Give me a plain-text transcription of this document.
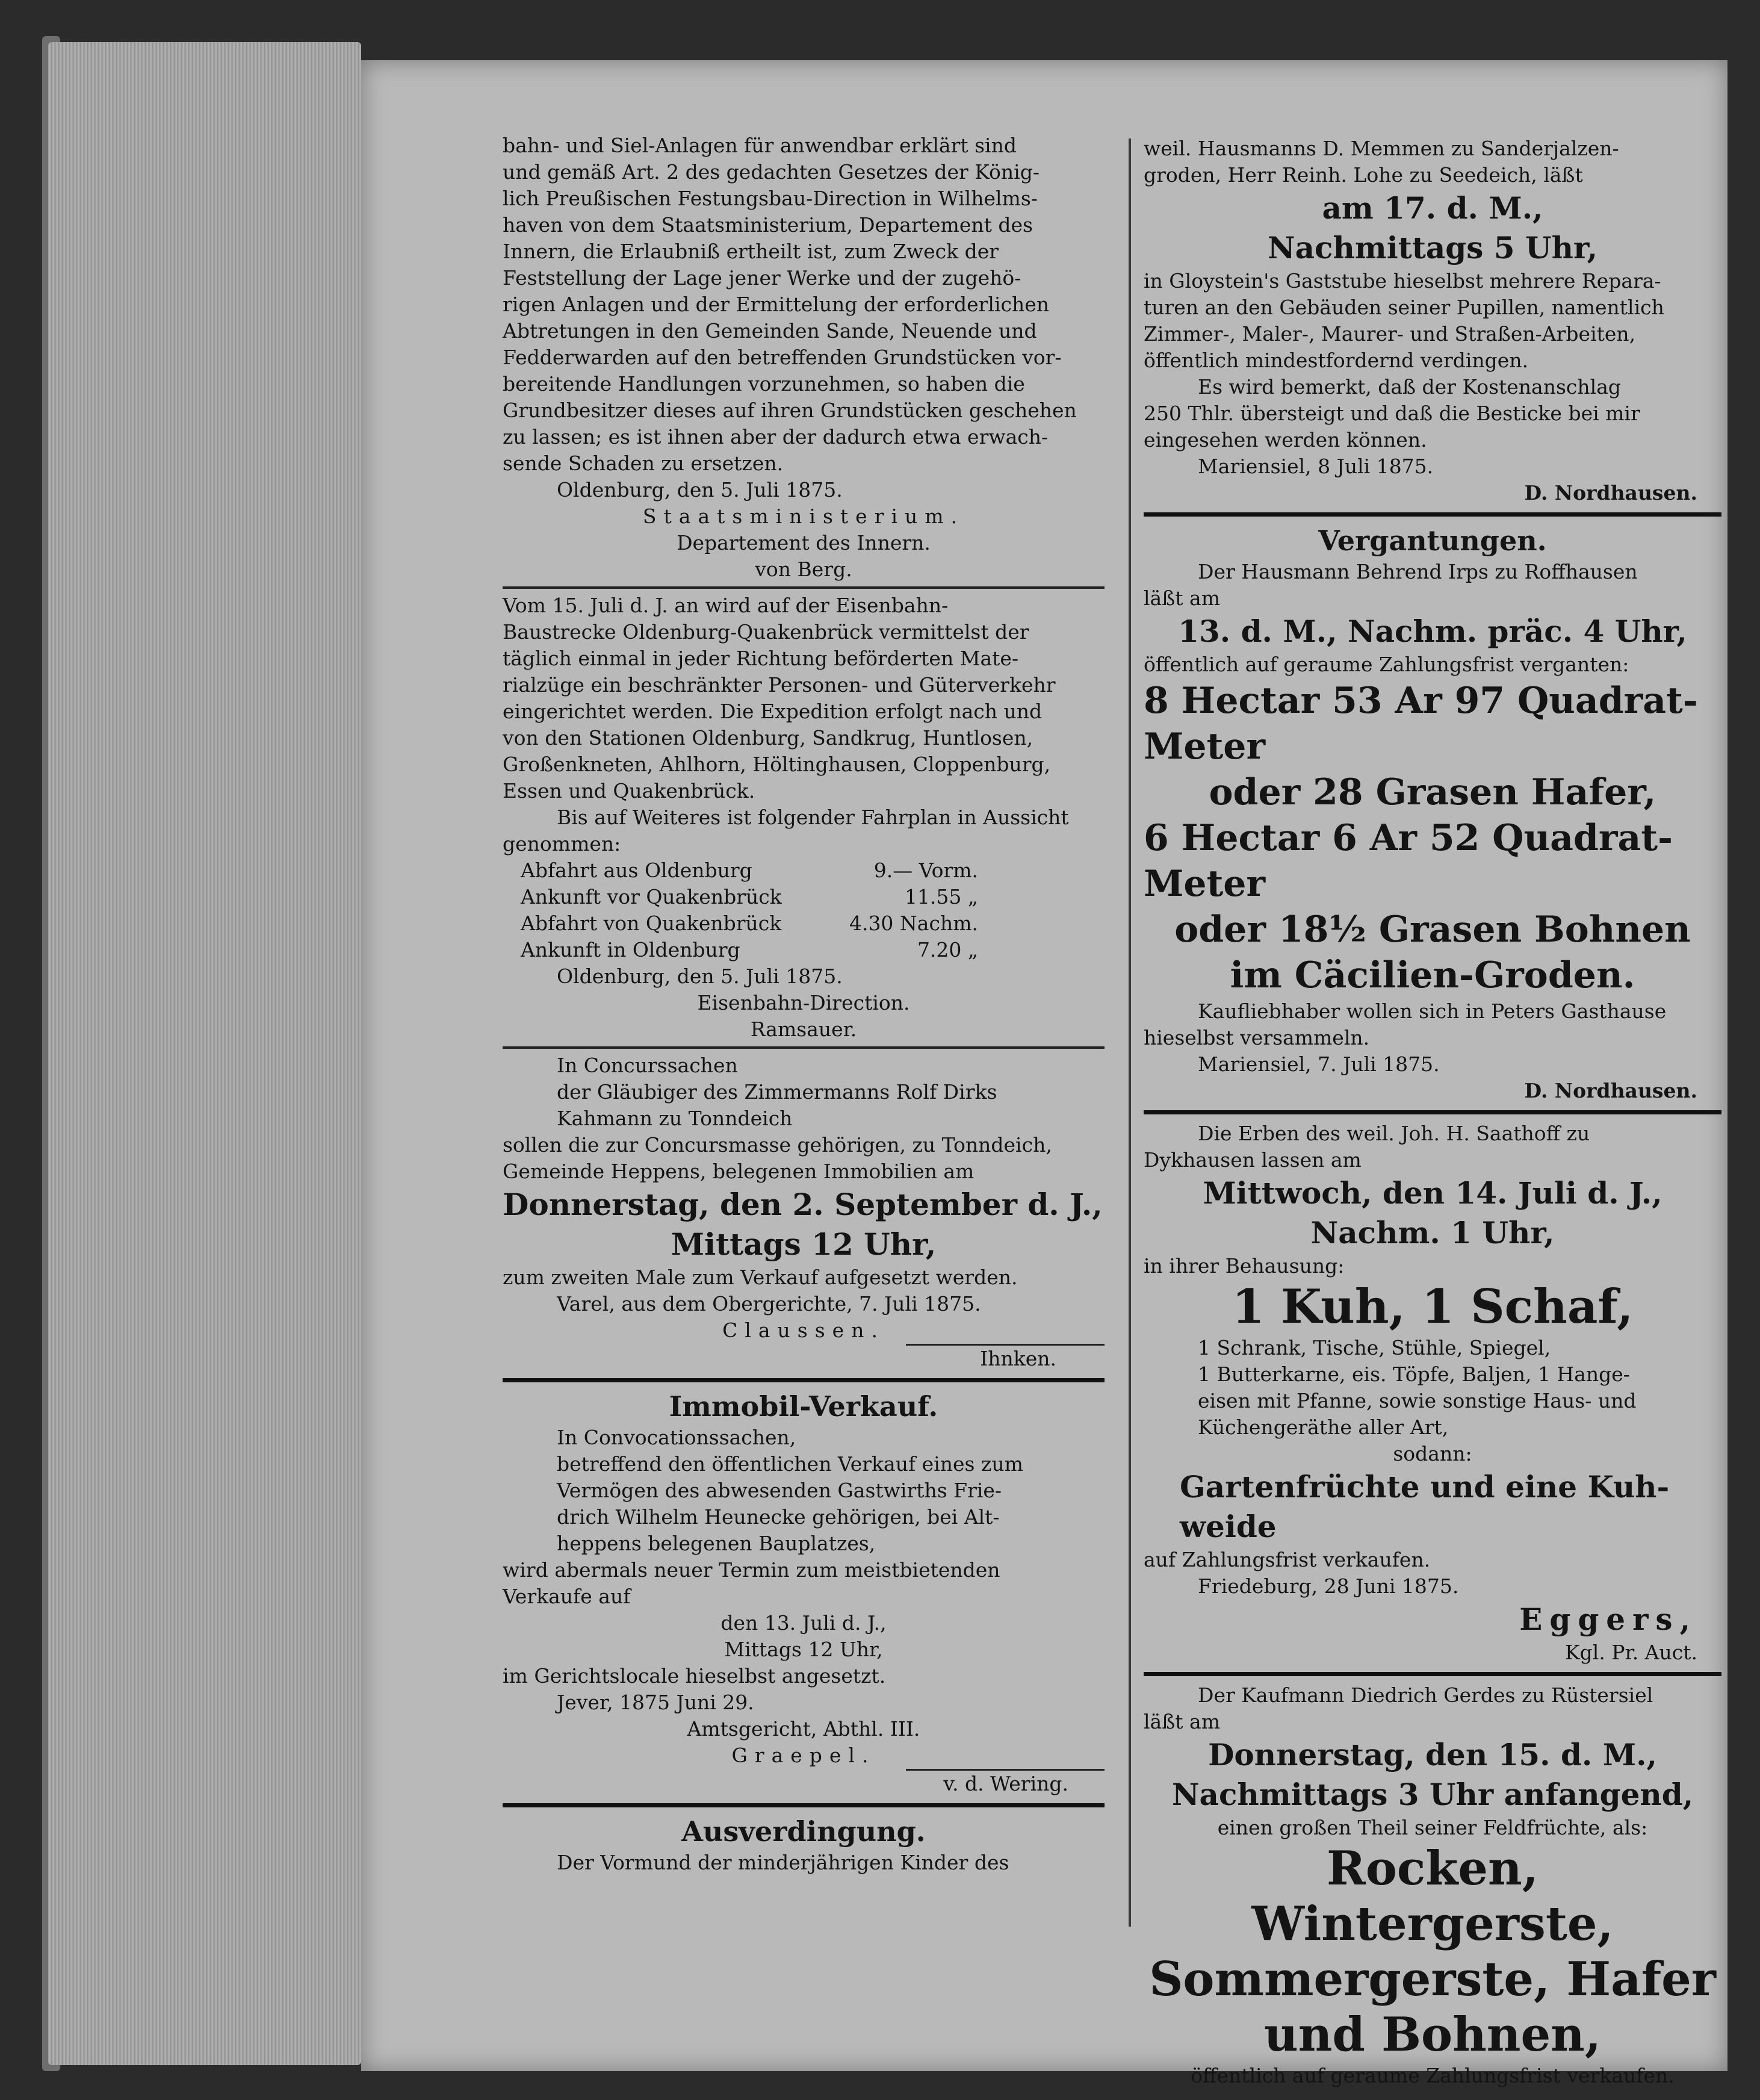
bahn- und Siel-Anlagen für anwendbar erklärt sind

und gemäß Art. 2 des gedachten Gesetzes der König-

lich Preußischen Festungsbau-Direction in Wilhelms-

haven von dem Staatsministerium, Departement des

Innern, die Erlaubniß ertheilt ist, zum Zweck der

Feststellung der Lage jener Werke und der zugehö-

rigen Anlagen und der Ermittelung der erforderlichen

Abtretungen in den Gemeinden Sande, Neuende und

Fedderwarden auf den betreffenden Grundstücken vor-

bereitende Handlungen vorzunehmen, so haben die

Grundbesitzer dieses auf ihren Grundstücken geschehen

zu lassen; es ist ihnen aber der dadurch etwa erwach-

sende Schaden zu ersetzen.

Oldenburg, den 5. Juli 1875.

Staatsministerium.

Departement des Innern.

von Berg.

Vom 15. Juli d. J. an wird auf der Eisenbahn-

Baustrecke Oldenburg-Quakenbrück vermittelst der

täglich einmal in jeder Richtung beförderten Mate-

rialzüge ein beschränkter Personen- und Güterverkehr

eingerichtet werden. Die Expedition erfolgt nach und

von den Stationen Oldenburg, Sandkrug, Huntlosen,

Großenkneten, Ahlhorn, Höltinghausen, Cloppenburg,

Essen und Quakenbrück.

Bis auf Weiteres ist folgender Fahrplan in Aussicht

genommen:

Abfahrt aus Oldenburg	9.— Vorm.
Ankunft vor Quakenbrück	11.55 „
Abfahrt von Quakenbrück	4.30 Nachm.
Ankunft in Oldenburg	7.20 „

Oldenburg, den 5. Juli 1875.

Eisenbahn-Direction.

Ramsauer.

In Concurssachen

der Gläubiger des Zimmermanns Rolf Dirks

Kahmann zu Tonndeich

sollen die zur Concursmasse gehörigen, zu Tonndeich,

Gemeinde Heppens, belegenen Immobilien am

Donnerstag, den 2. September d. J.,

Mittags 12 Uhr,

zum zweiten Male zum Verkauf aufgesetzt werden.

Varel, aus dem Obergerichte, 7. Juli 1875.

Claussen.

Ihnken.

Immobil-Verkauf.

In Convocationssachen,

betreffend den öffentlichen Verkauf eines zum

Vermögen des abwesenden Gastwirths Frie-

drich Wilhelm Heunecke gehörigen, bei Alt-

heppens belegenen Bauplatzes,

wird abermals neuer Termin zum meistbietenden

Verkaufe auf

den 13. Juli d. J.,

Mittags 12 Uhr,

im Gerichtslocale hieselbst angesetzt.

Jever, 1875 Juni 29.

Amtsgericht, Abthl. III.

Graepel.

v. d. Wering.

Ausverdingung.

Der Vormund der minderjährigen Kinder des

weil. Hausmanns D. Memmen zu Sanderjalzen-

groden, Herr Reinh. Lohe zu Seedeich, läßt

am 17. d. M.,

Nachmittags 5 Uhr,

in Gloystein's Gaststube hieselbst mehrere Repara-

turen an den Gebäuden seiner Pupillen, namentlich

Zimmer-, Maler-, Maurer- und Straßen-Arbeiten,

öffentlich mindestfordernd verdingen.

Es wird bemerkt, daß der Kostenanschlag

250 Thlr. übersteigt und daß die Besticke bei mir

eingesehen werden können.

Mariensiel, 8 Juli 1875.

D. Nordhausen.

Vergantungen.

Der Hausmann Behrend Irps zu Roffhausen

läßt am

13. d. M., Nachm. präc. 4 Uhr,

öffentlich auf geraume Zahlungsfrist verganten:

8 Hectar 53 Ar 97 Quadrat-Meter

oder 28 Grasen Hafer,

6 Hectar 6 Ar 52 Quadrat-Meter

oder 18½ Grasen Bohnen

im Cäcilien-Groden.

Kaufliebhaber wollen sich in Peters Gasthause

hieselbst versammeln.

Mariensiel, 7. Juli 1875.

D. Nordhausen.

Die Erben des weil. Joh. H. Saathoff zu

Dykhausen lassen am

Mittwoch, den 14. Juli d. J.,

Nachm. 1 Uhr,

in ihrer Behausung:

1 Kuh, 1 Schaf,

1 Schrank, Tische, Stühle, Spiegel,

1 Butterkarne, eis. Töpfe, Baljen, 1 Hange-

eisen mit Pfanne, sowie sonstige Haus- und

Küchengeräthe aller Art,

sodann:

Gartenfrüchte und eine Kuh-

weide

auf Zahlungsfrist verkaufen.

Friedeburg, 28 Juni 1875.

Eggers,

Kgl. Pr. Auct.

Der Kaufmann Diedrich Gerdes zu Rüstersiel

läßt am

Donnerstag, den 15. d. M.,

Nachmittags 3 Uhr anfangend,

einen großen Theil seiner Feldfrüchte, als:

Rocken, Wintergerste,

Sommergerste, Hafer

und Bohnen,

öffentlich auf geraume Zahlungsfrist verkaufen.
